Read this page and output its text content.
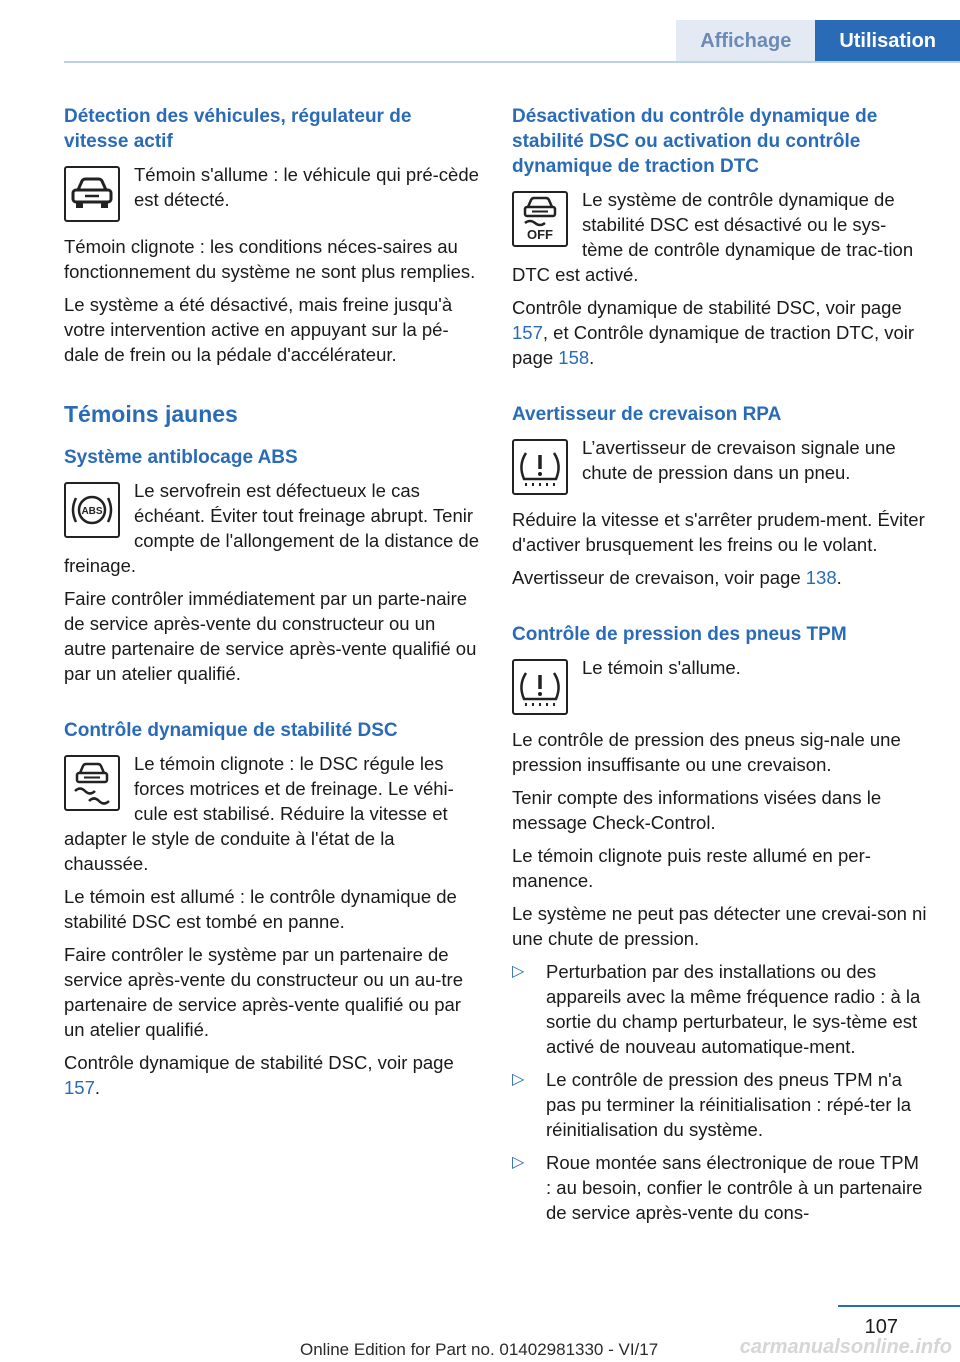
Affichage	Utilisation
Détection des véhicules, régulateur de vitesse actif
Témoin s'allume : le véhicule qui pré-cède est détecté.

Témoin clignote : les conditions néces-saires au fonctionnement du système ne sont plus remplies.

Le système a été désactivé, mais freine jusqu'à votre intervention active en appuyant sur la pé-dale de frein ou la pédale d'accélérateur.

Témoins jaunes
Système antiblocage ABS
ABS
Le servofrein est défectueux le cas échéant. Éviter tout freinage abrupt. Tenir compte de l'allongement de la distance de freinage.

Faire contrôler immédiatement par un parte-naire de service après-vente du constructeur ou un autre partenaire de service après-vente qualifié ou par un atelier qualifié.

Contrôle dynamique de stabilité DSC
Le témoin clignote : le DSC régule les forces motrices et de freinage. Le véhi-cule est stabilisé. Réduire la vitesse et adapter le style de conduite à l'état de la chaussée.

Le témoin est allumé : le contrôle dynamique de stabilité DSC est tombé en panne.

Faire contrôler le système par un partenaire de service après-vente du constructeur ou un au-tre partenaire de service après-vente qualifié ou par un atelier qualifié.

Contrôle dynamique de stabilité DSC, voir page 157.

Désactivation du contrôle dynamique de stabilité DSC ou activation du contrôle dynamique de traction DTC
OFF
Le système de contrôle dynamique de stabilité DSC est désactivé ou le sys-tème de contrôle dynamique de trac-tion DTC est activé.

Contrôle dynamique de stabilité DSC, voir page 157, et Contrôle dynamique de traction DTC, voir page 158.

Avertisseur de crevaison RPA
L’avertisseur de crevaison signale une chute de pression dans un pneu.

Réduire la vitesse et s'arrêter prudem-ment. Éviter d'activer brusquement les freins ou le volant.

Avertisseur de crevaison, voir page 138.

Contrôle de pression des pneus TPM
Le témoin s'allume.
Le contrôle de pression des pneus sig-nale une pression insuffisante ou une crevaison.

Tenir compte des informations visées dans le message Check-Control.

Le témoin clignote puis reste allumé en per-manence.

Le système ne peut pas détecter une crevai-son ni une chute de pression.

▷ Perturbation par des installations ou des appareils avec la même fréquence radio : à la sortie du champ perturbateur, le sys-tème est activé de nouveau automatique-ment.
▷ Le contrôle de pression des pneus TPM n'a pas pu terminer la réinitialisation : répé-ter la réinitialisation du système.
▷ Roue montée sans électronique de roue TPM : au besoin, confier le contrôle à un partenaire de service après-vente du cons-
107
Online Edition for Part no. 01402981330 - VI/17	carmanualsonline.info
